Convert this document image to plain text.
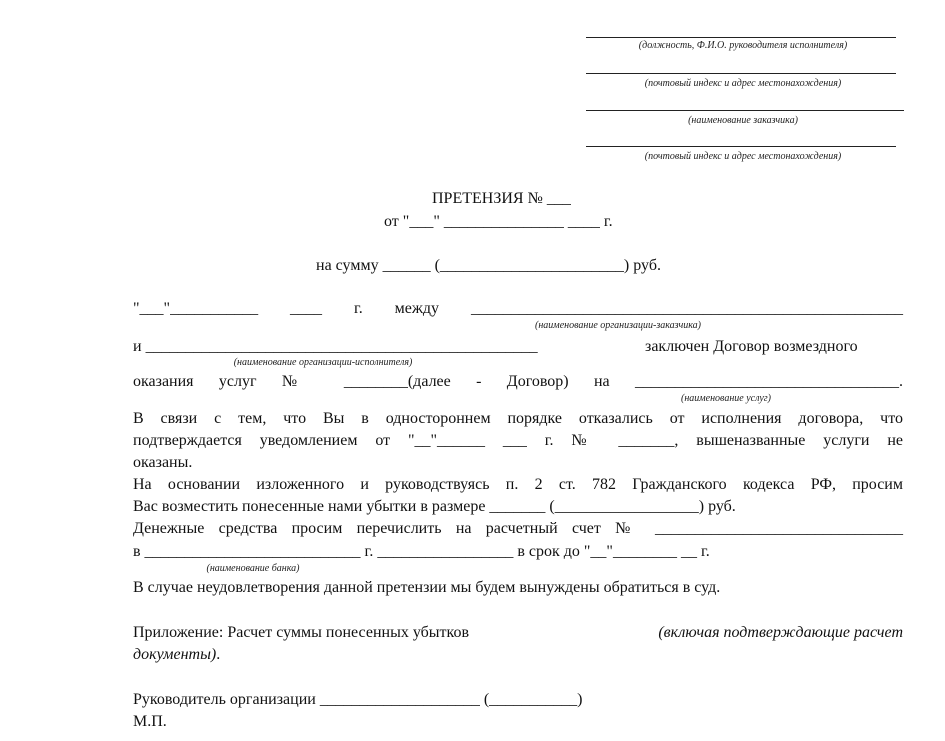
(должность, Ф.И.О. руководителя исполнителя)
(почтовый индекс и адрес местонахождения)
(наименование заказчика)
(почтовый индекс и адрес местонахождения)
ПРЕТЕНЗИЯ № ___
от "___" _______________ ____ г.
на сумму ______ (_______________________) руб.
"___"___________ ____ г. между ______________________________________________________
(наименование организации-заказчика)
и _________________________________________________	заключен Договор возмездного
(наименование организации-исполнителя)
оказания услуг № ________(далее - Договор) на _________________________________.
(наименование услуг)
В связи с тем, что Вы в одностороннем порядке отказались от исполнения договора, что
подтверждается уведомлением от "__"______ ___ г. № _______, вышеназванные услуги не
оказаны.
На основании изложенного и руководствуясь п. 2 ст. 782 Гражданского кодекса РФ, просим
Вас возместить понесенные нами убытки в размере _______ (__________________) руб.
Денежные средства просим перечислить на расчетный счет № _______________________________
в ___________________________ г. _________________ в срок до "__"________ __ г.
(наименование банка)
В случае неудовлетворения данной претензии мы будем вынуждены обратиться в суд.
Приложение: Расчет суммы понесенных убытков	(включая подтверждающие расчет
документы).
Руководитель организации ____________________ (___________)
М.П.
